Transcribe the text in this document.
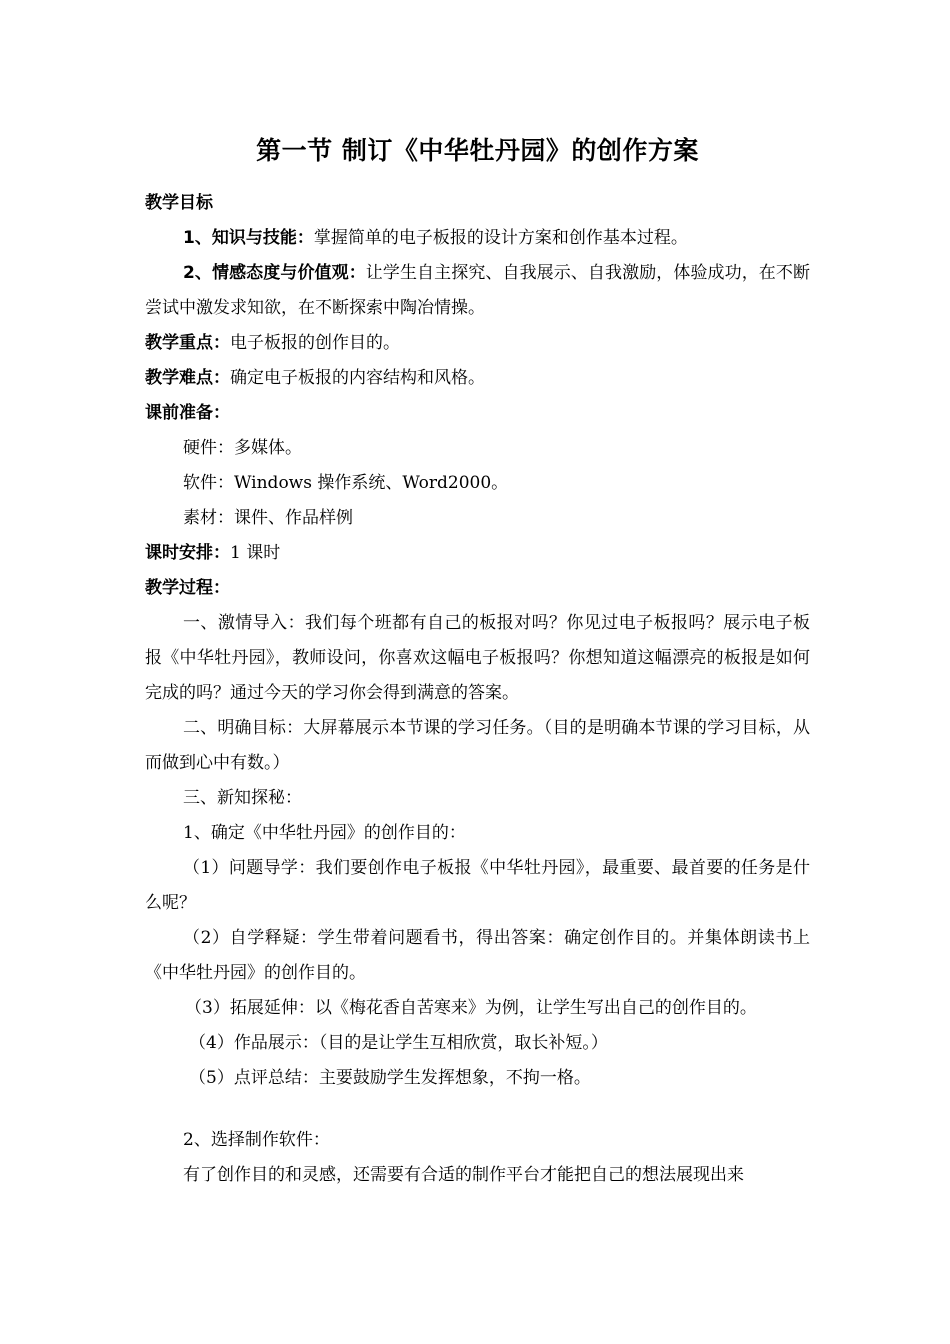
第一节 制订《中华牡丹园》的创作方案

教学目标

1、知识与技能：掌握简单的电子板报的设计方案和创作基本过程。

2、情感态度与价值观：让学生自主探究、自我展示、自我激励，体验成功，在不断尝试中激发求知欲，在不断探索中陶冶情操。

教学重点：电子板报的创作目的。

教学难点：确定电子板报的内容结构和风格。

课前准备：

硬件：多媒体。

软件：Windows 操作系统、Word2000。

素材：课件、作品样例

课时安排：1 课时

教学过程：

一、激情导入：我们每个班都有自己的板报对吗？你见过电子板报吗？展示电子板报《中华牡丹园》，教师设问，你喜欢这幅电子板报吗？你想知道这幅漂亮的板报是如何完成的吗？通过今天的学习你会得到满意的答案。

二、明确目标：大屏幕展示本节课的学习任务。（目的是明确本节课的学习目标，从而做到心中有数。）

三、新知探秘：

1、确定《中华牡丹园》的创作目的：

（1）问题导学：我们要创作电子板报《中华牡丹园》，最重要、最首要的任务是什么呢？

（2）自学释疑：学生带着问题看书，得出答案：确定创作目的。并集体朗读书上《中华牡丹园》的创作目的。

（3）拓展延伸：以《梅花香自苦寒来》为例，让学生写出自己的创作目的。

（4）作品展示：（目的是让学生互相欣赏，取长补短。）

（5）点评总结：主要鼓励学生发挥想象，不拘一格。

2、选择制作软件：

有了创作目的和灵感，还需要有合适的制作平台才能把自己的想法展现出来
